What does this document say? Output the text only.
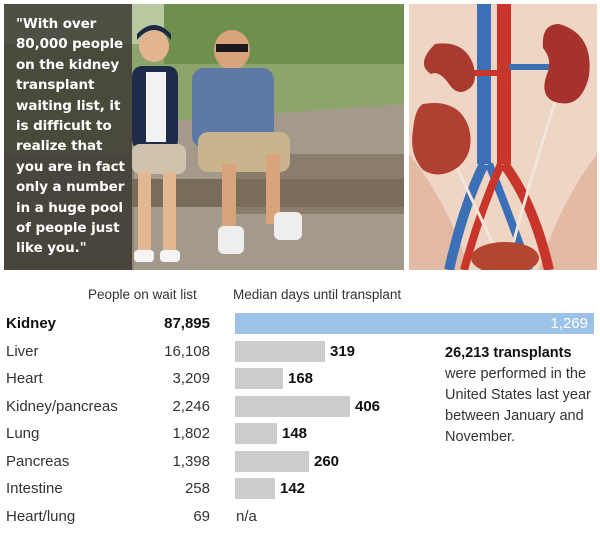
"With over 80,000 people on the kidney transplant waiting list, it is difficult to realize that you are in fact only a number in a huge pool of people just like you."

People on wait list	Median days until transplant
Kidney	87,895	1,269
Liver	16,108	319
Heart	3,209	168
Kidney/pancreas	2,246	406
Lung	1,802	148
Pancreas	1,398	260
Intestine	258	142
Heart/lung	69 n/a

26,213 transplants were performed in the United States last year between January and November.
